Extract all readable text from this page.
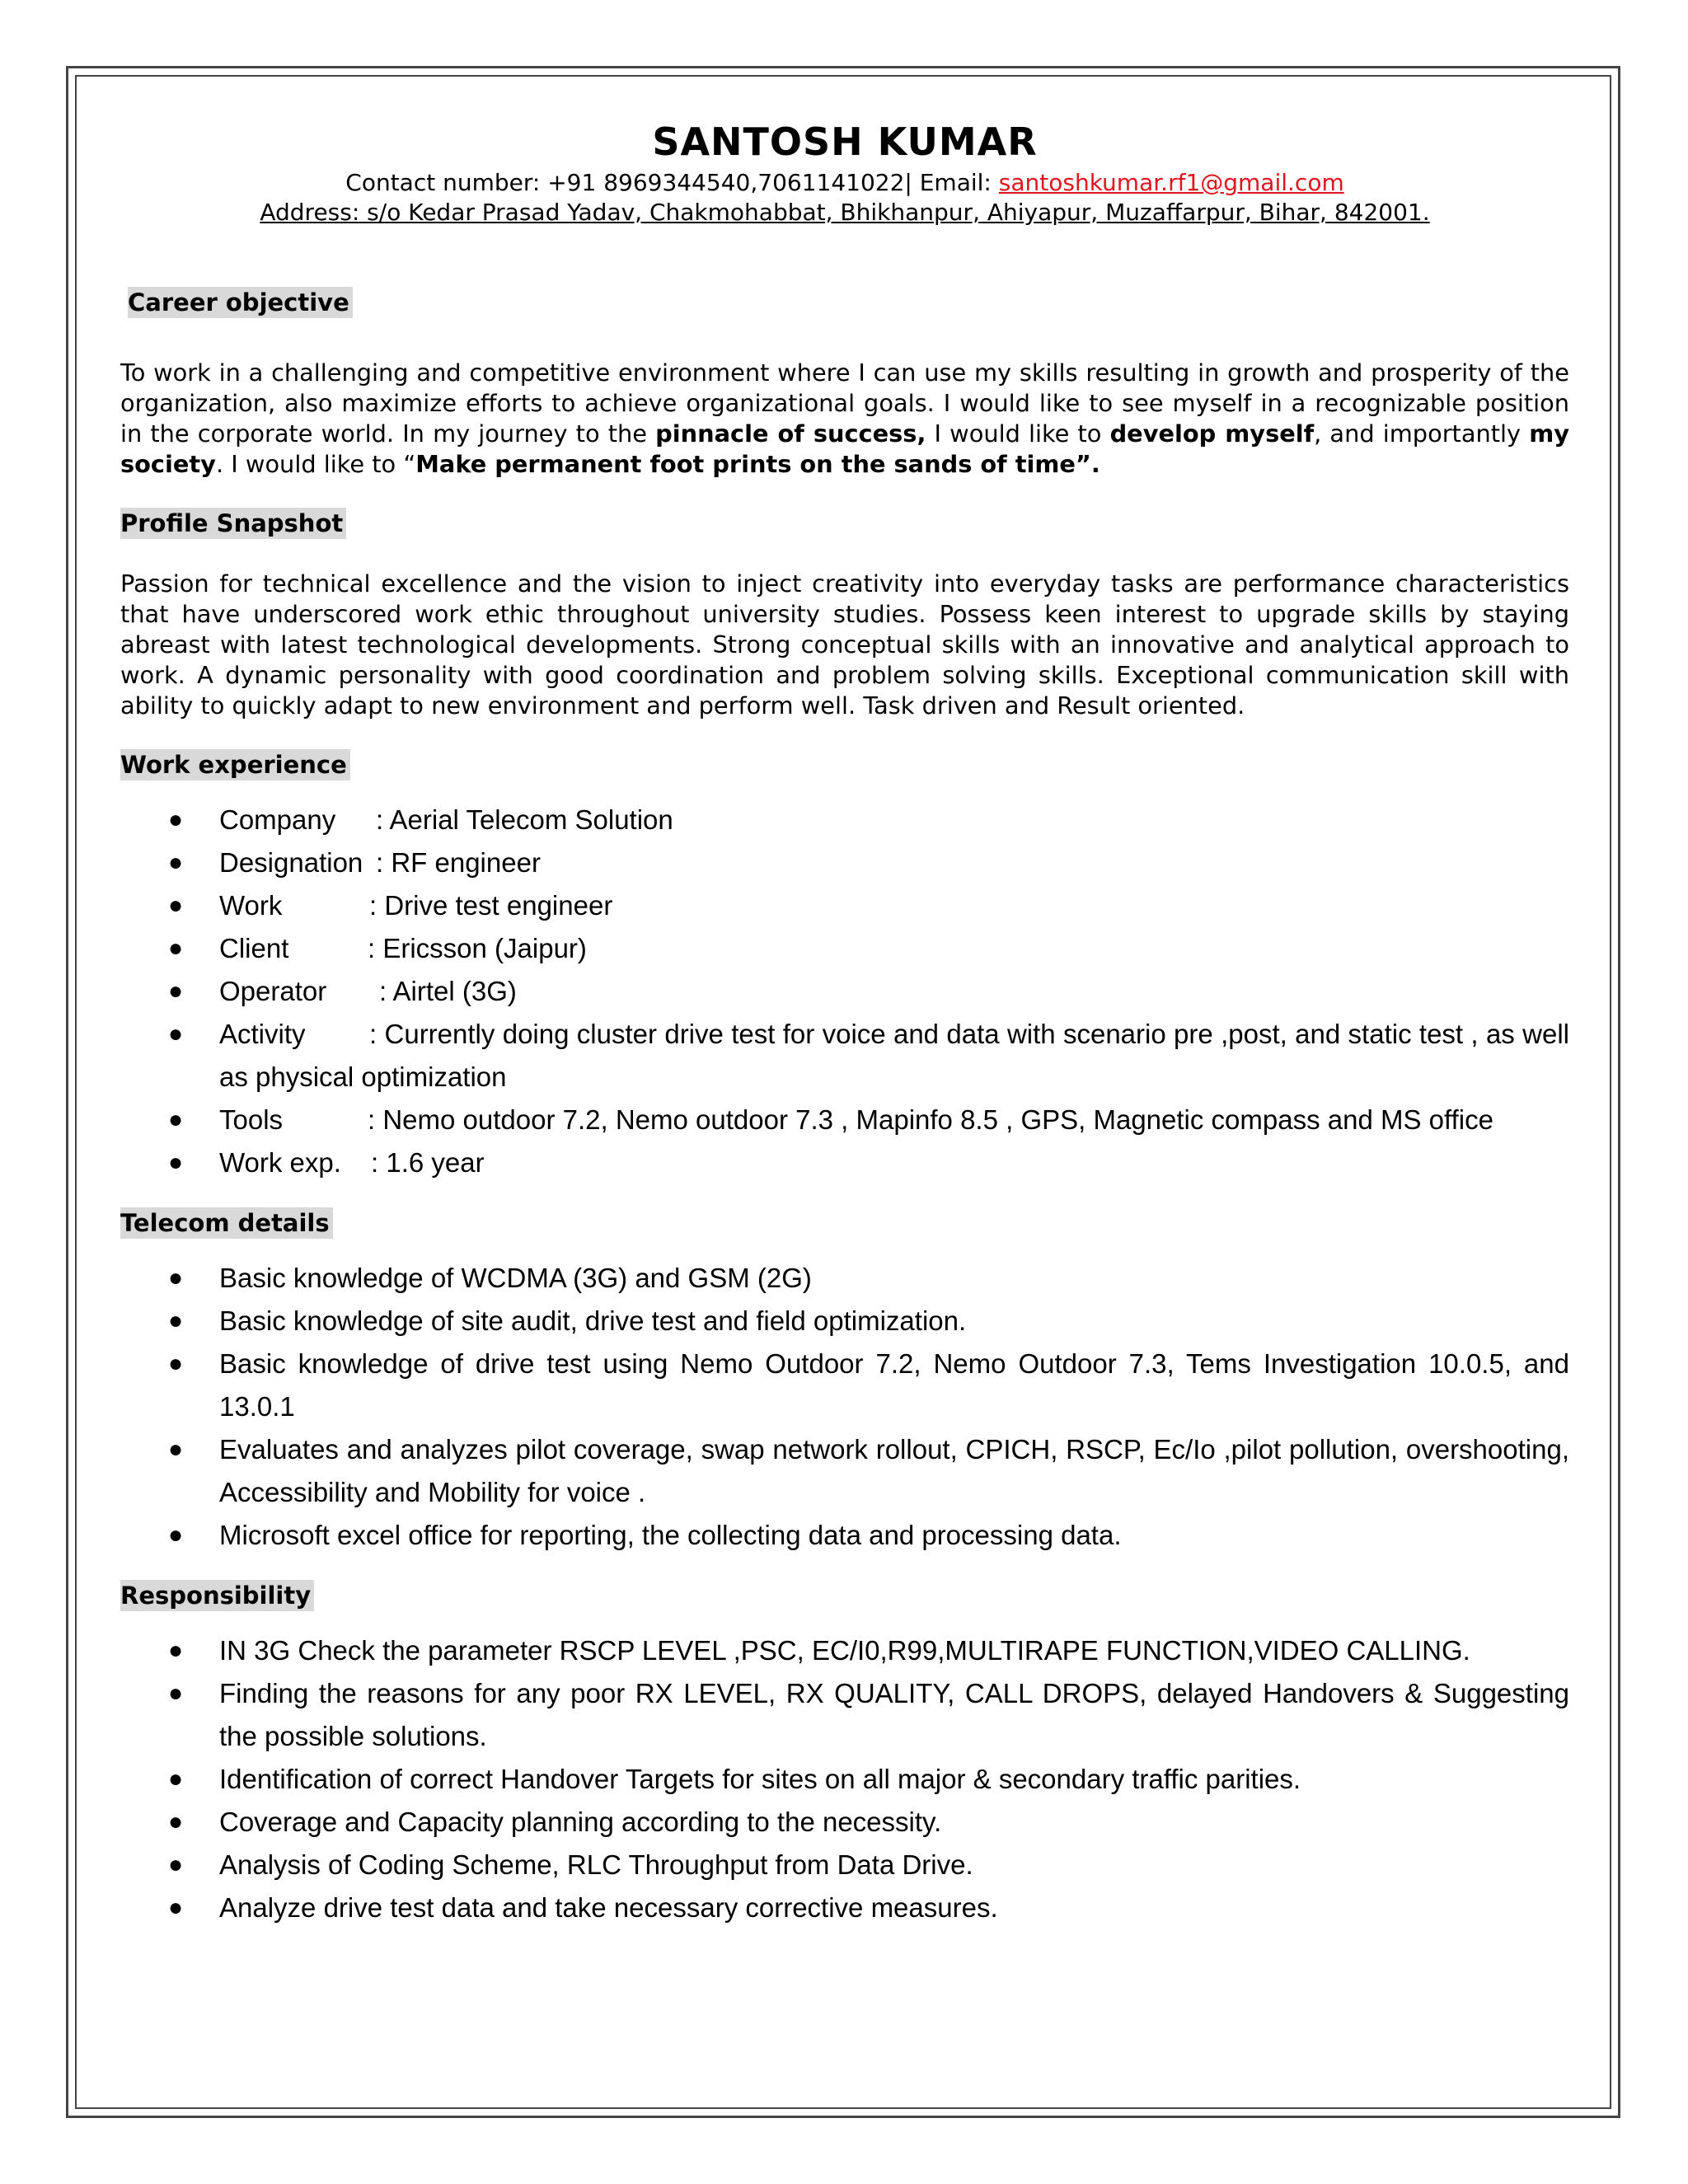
SANTOSH KUMAR

Contact number: +91 8969344540,7061141022| Email: santoshkumar.rf1@gmail.com

Address: s/o Kedar Prasad Yadav, Chakmohabbat, Bhikhanpur, Ahiyapur, Muzaffarpur, Bihar, 842001.

Career objective

To work in a challenging and competitive environment where I can use my skills resulting in growth and prosperity of the organization, also maximize efforts to achieve organizational goals. I would like to see myself in a recognizable position in the corporate world. In my journey to the pinnacle of success, I would like to develop myself, and importantly my society. I would like to “Make permanent foot prints on the sands of time”.

Profile Snapshot

Passion for technical excellence and the vision to inject creativity into everyday tasks are performance characteristics that have underscored work ethic throughout university studies. Possess keen interest to upgrade skills by staying abreast with latest technological developments. Strong conceptual skills with an innovative and analytical approach to work. A dynamic personality with good coordination and problem solving skills. Exceptional communication skill with ability to quickly adapt to new environment and perform well. Task driven and Result oriented.

Work experience
● Company : Aerial Telecom Solution
● Designation : RF engineer
● Work	: Drive test engineer
● Client	: Ericsson (Jaipur)
● Operator : Airtel (3G)
● Activity : Currently doing cluster drive test for voice and data with scenario pre ,post, and static test , as well as physical optimization
● Tools	: Nemo outdoor 7.2, Nemo outdoor 7.3 , Mapinfo 8.5 , GPS, Magnetic compass and MS office
● Work exp. : 1.6 year
Telecom details
● Basic knowledge of WCDMA (3G) and GSM (2G)
● Basic knowledge of site audit, drive test and field optimization.
● Basic knowledge of drive test using Nemo Outdoor 7.2, Nemo Outdoor 7.3, Tems Investigation 10.0.5, and 13.0.1
● Evaluates and analyzes pilot coverage, swap network rollout, CPICH, RSCP, Ec/Io ,pilot pollution, overshooting, Accessibility and Mobility for voice .
● Microsoft excel office for reporting, the collecting data and processing data.
Responsibility
● IN 3G Check the parameter RSCP LEVEL ,PSC, EC/I0,R99,MULTIRAPE FUNCTION,VIDEO CALLING.
● Finding the reasons for any poor RX LEVEL, RX QUALITY, CALL DROPS, delayed Handovers & Suggesting the possible solutions.
● Identification of correct Handover Targets for sites on all major & secondary traffic parities.
● Coverage and Capacity planning according to the necessity.
● Analysis of Coding Scheme, RLC Throughput from Data Drive.
● Analyze drive test data and take necessary corrective measures.
